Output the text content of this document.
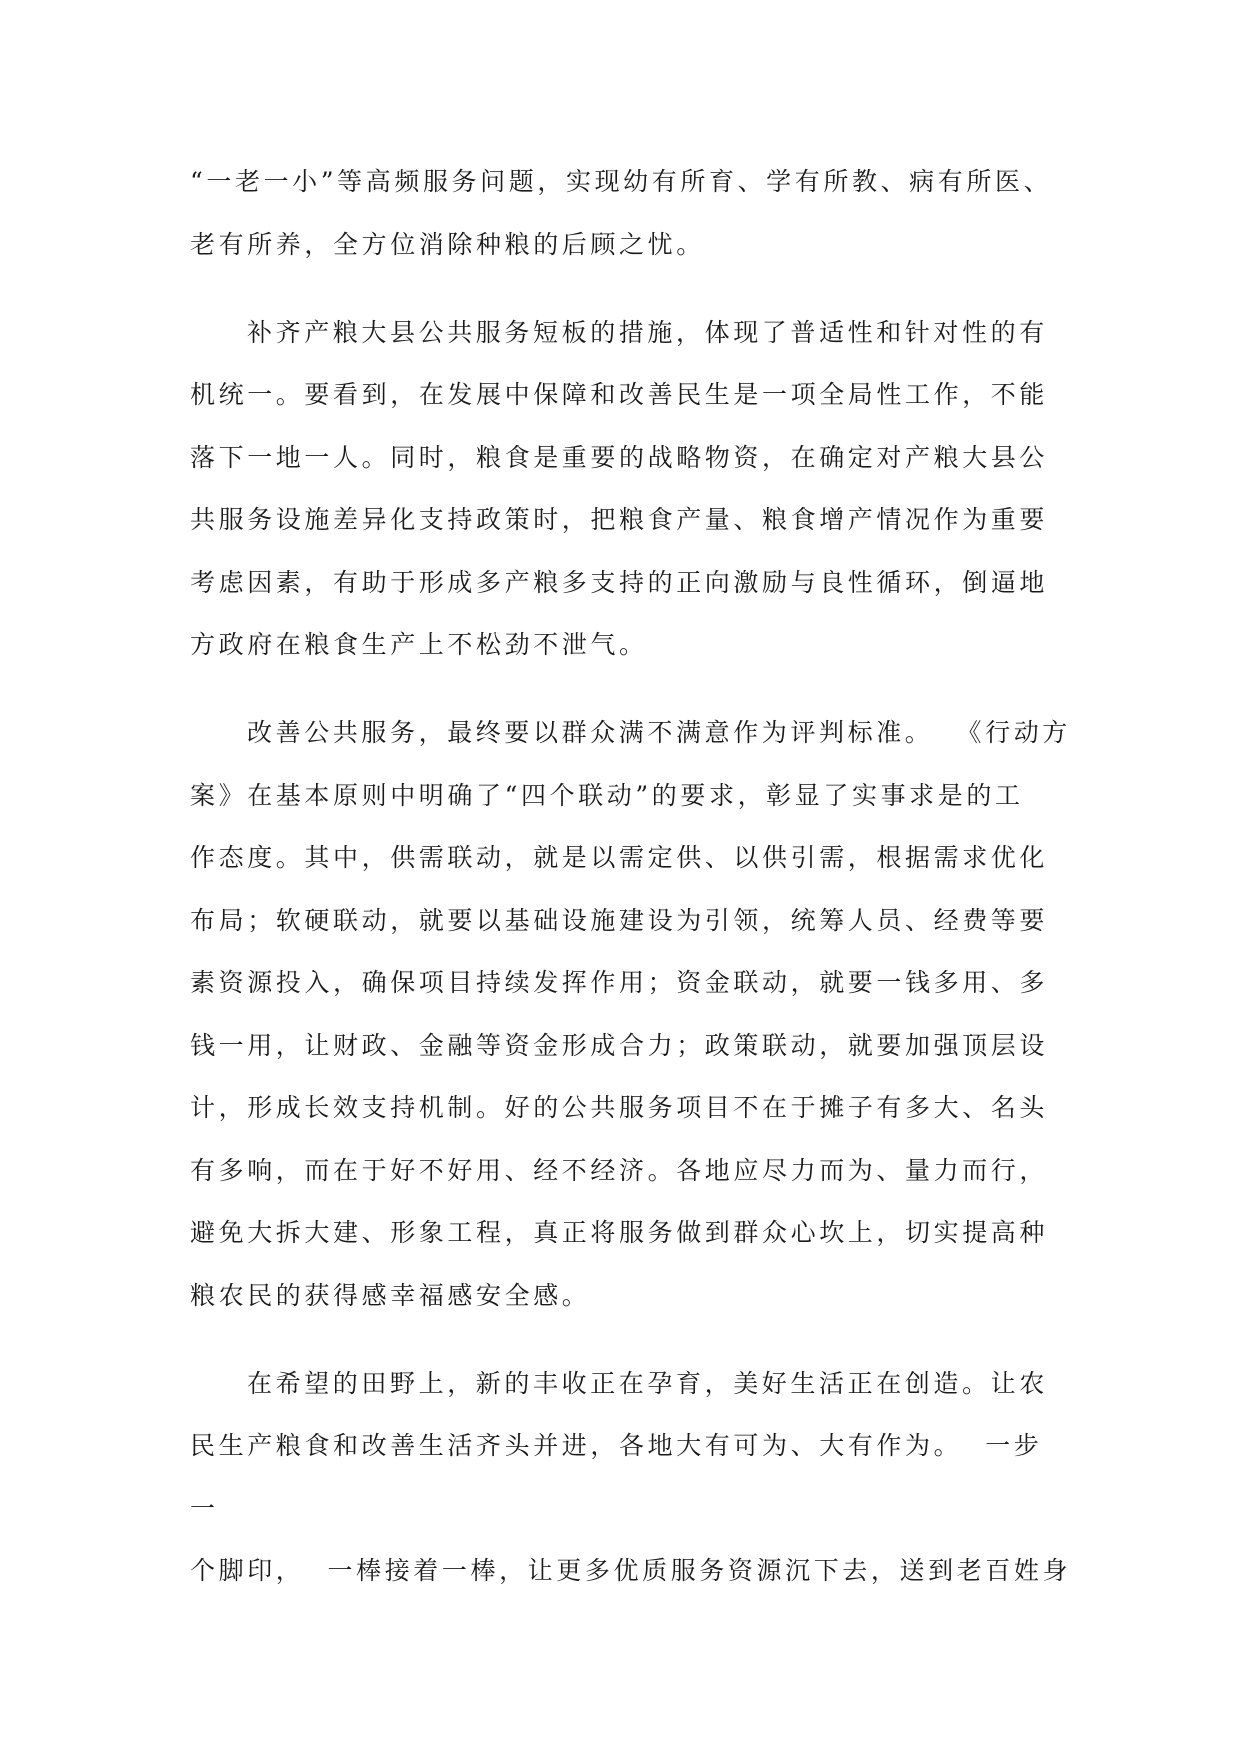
“一老一小”等高频服务问题，实现幼有所育、学有所教、病有所医、
老有所养，全方位消除种粮的后顾之忧。
补齐产粮大县公共服务短板的措施，体现了普适性和针对性的有
机统一。要看到，在发展中保障和改善民生是一项全局性工作，不能
落下一地一人。同时，粮食是重要的战略物资，在确定对产粮大县公
共服务设施差异化支持政策时，把粮食产量、粮食增产情况作为重要
考虑因素，有助于形成多产粮多支持的正向激励与良性循环，倒逼地
方政府在粮食生产上不松劲不泄气。
改善公共服务，最终要以群众满不满意作为评判标准。  《行动方
案》在基本原则中明确了“四个联动”的要求，彰显了实事求是的工
作态度。其中，供需联动，就是以需定供、以供引需，根据需求优化
布局；软硬联动，就要以基础设施建设为引领，统筹人员、经费等要
素资源投入，确保项目持续发挥作用；资金联动，就要一钱多用、多
钱一用，让财政、金融等资金形成合力；政策联动，就要加强顶层设
计，形成长效支持机制。好的公共服务项目不在于摊子有多大、名头
有多响，而在于好不好用、经不经济。各地应尽力而为、量力而行，
避免大拆大建、形象工程，真正将服务做到群众心坎上，切实提高种
粮农民的获得感幸福感安全感。
在希望的田野上，新的丰收正在孕育，美好生活正在创造。让农
民生产粮食和改善生活齐头并进，各地大有可为、大有作为。  一步
一
个脚印，  一棒接着一棒，让更多优质服务资源沉下去，送到老百姓身
